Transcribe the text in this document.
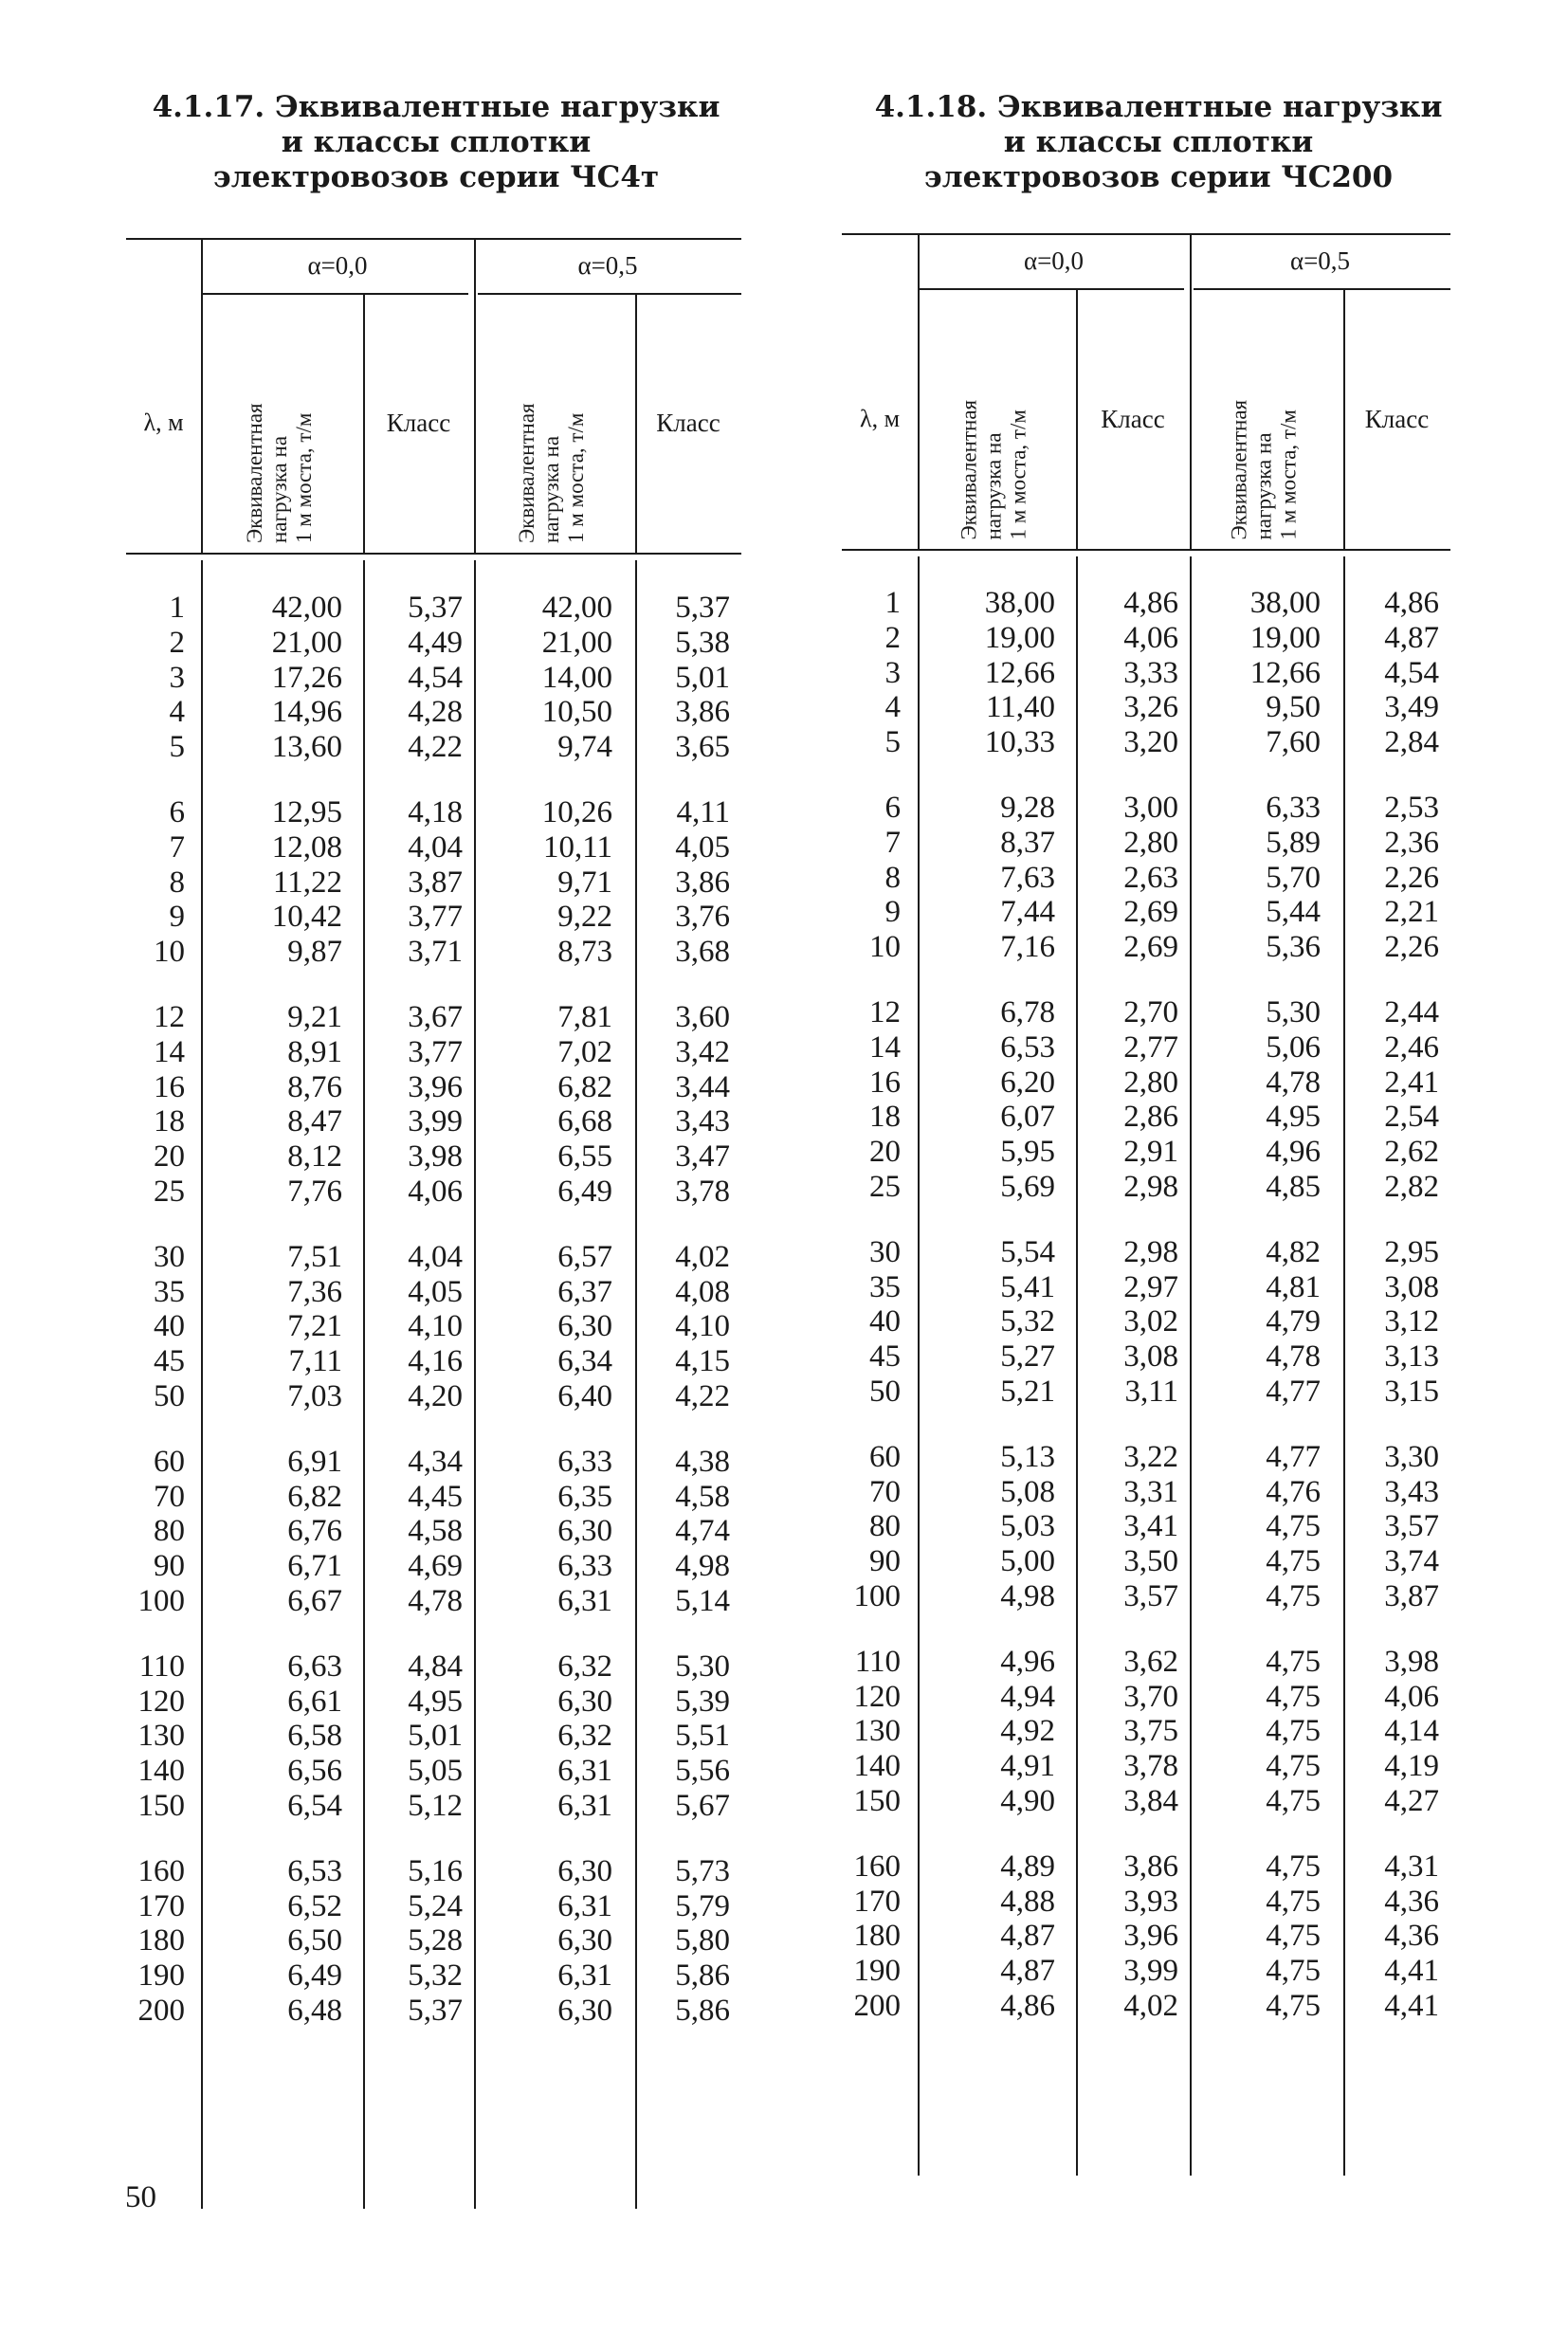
4.1.17. Эквивалентные нагрузки
и классы сплотки
электровозов серии ЧС4т
4.1.18. Эквивалентные нагрузки
и классы сплотки
электровозов серии ЧС200
α=0,0	α=0,5
λ, м	Эквивалентная нагрузка на 1 м моста, т/м	Класс	Эквивалентная нагрузка на 1 м моста, т/м	Класс
1	42,00	5,37	42,00	5,37
2	21,00	4,49	21,00	5,38
3	17,26	4,54	14,00	5,01
4	14,96	4,28	10,50	3,86
5	13,60	4,22	9,74	3,65
6	12,95	4,18	10,26	4,11
7	12,08	4,04	10,11	4,05
8	11,22	3,87	9,71	3,86
9	10,42	3,77	9,22	3,76
10	9,87	3,71	8,73	3,68
12	9,21	3,67	7,81	3,60
14	8,91	3,77	7,02	3,42
16	8,76	3,96	6,82	3,44
18	8,47	3,99	6,68	3,43
20	8,12	3,98	6,55	3,47
25	7,76	4,06	6,49	3,78
30	7,51	4,04	6,57	4,02
35	7,36	4,05	6,37	4,08
40	7,21	4,10	6,30	4,10
45	7,11	4,16	6,34	4,15
50	7,03	4,20	6,40	4,22
60	6,91	4,34	6,33	4,38
70	6,82	4,45	6,35	4,58
80	6,76	4,58	6,30	4,74
90	6,71	4,69	6,33	4,98
100	6,67	4,78	6,31	5,14
110	6,63	4,84	6,32	5,30
120	6,61	4,95	6,30	5,39
130	6,58	5,01	6,32	5,51
140	6,56	5,05	6,31	5,56
150	6,54	5,12	6,31	5,67
160	6,53	5,16	6,30	5,73
170	6,52	5,24	6,31	5,79
180	6,50	5,28	6,30	5,80
190	6,49	5,32	6,31	5,86
200	6,48	5,37	6,30	5,86
α=0,0	α=0,5
λ, м	Эквивалентная нагрузка на 1 м моста, т/м	Класс	Эквивалентная нагрузка на 1 м моста, т/м	Класс
1	38,00	4,86	38,00	4,86
2	19,00	4,06	19,00	4,87
3	12,66	3,33	12,66	4,54
4	11,40	3,26	9,50	3,49
5	10,33	3,20	7,60	2,84
6	9,28	3,00	6,33	2,53
7	8,37	2,80	5,89	2,36
8	7,63	2,63	5,70	2,26
9	7,44	2,69	5,44	2,21
10	7,16	2,69	5,36	2,26
12	6,78	2,70	5,30	2,44
14	6,53	2,77	5,06	2,46
16	6,20	2,80	4,78	2,41
18	6,07	2,86	4,95	2,54
20	5,95	2,91	4,96	2,62
25	5,69	2,98	4,85	2,82
30	5,54	2,98	4,82	2,95
35	5,41	2,97	4,81	3,08
40	5,32	3,02	4,79	3,12
45	5,27	3,08	4,78	3,13
50	5,21	3,11	4,77	3,15
60	5,13	3,22	4,77	3,30
70	5,08	3,31	4,76	3,43
80	5,03	3,41	4,75	3,57
90	5,00	3,50	4,75	3,74
100	4,98	3,57	4,75	3,87
110	4,96	3,62	4,75	3,98
120	4,94	3,70	4,75	4,06
130	4,92	3,75	4,75	4,14
140	4,91	3,78	4,75	4,19
150	4,90	3,84	4,75	4,27
160	4,89	3,86	4,75	4,31
170	4,88	3,93	4,75	4,36
180	4,87	3,96	4,75	4,36
190	4,87	3,99	4,75	4,41
200	4,86	4,02	4,75	4,41
50
